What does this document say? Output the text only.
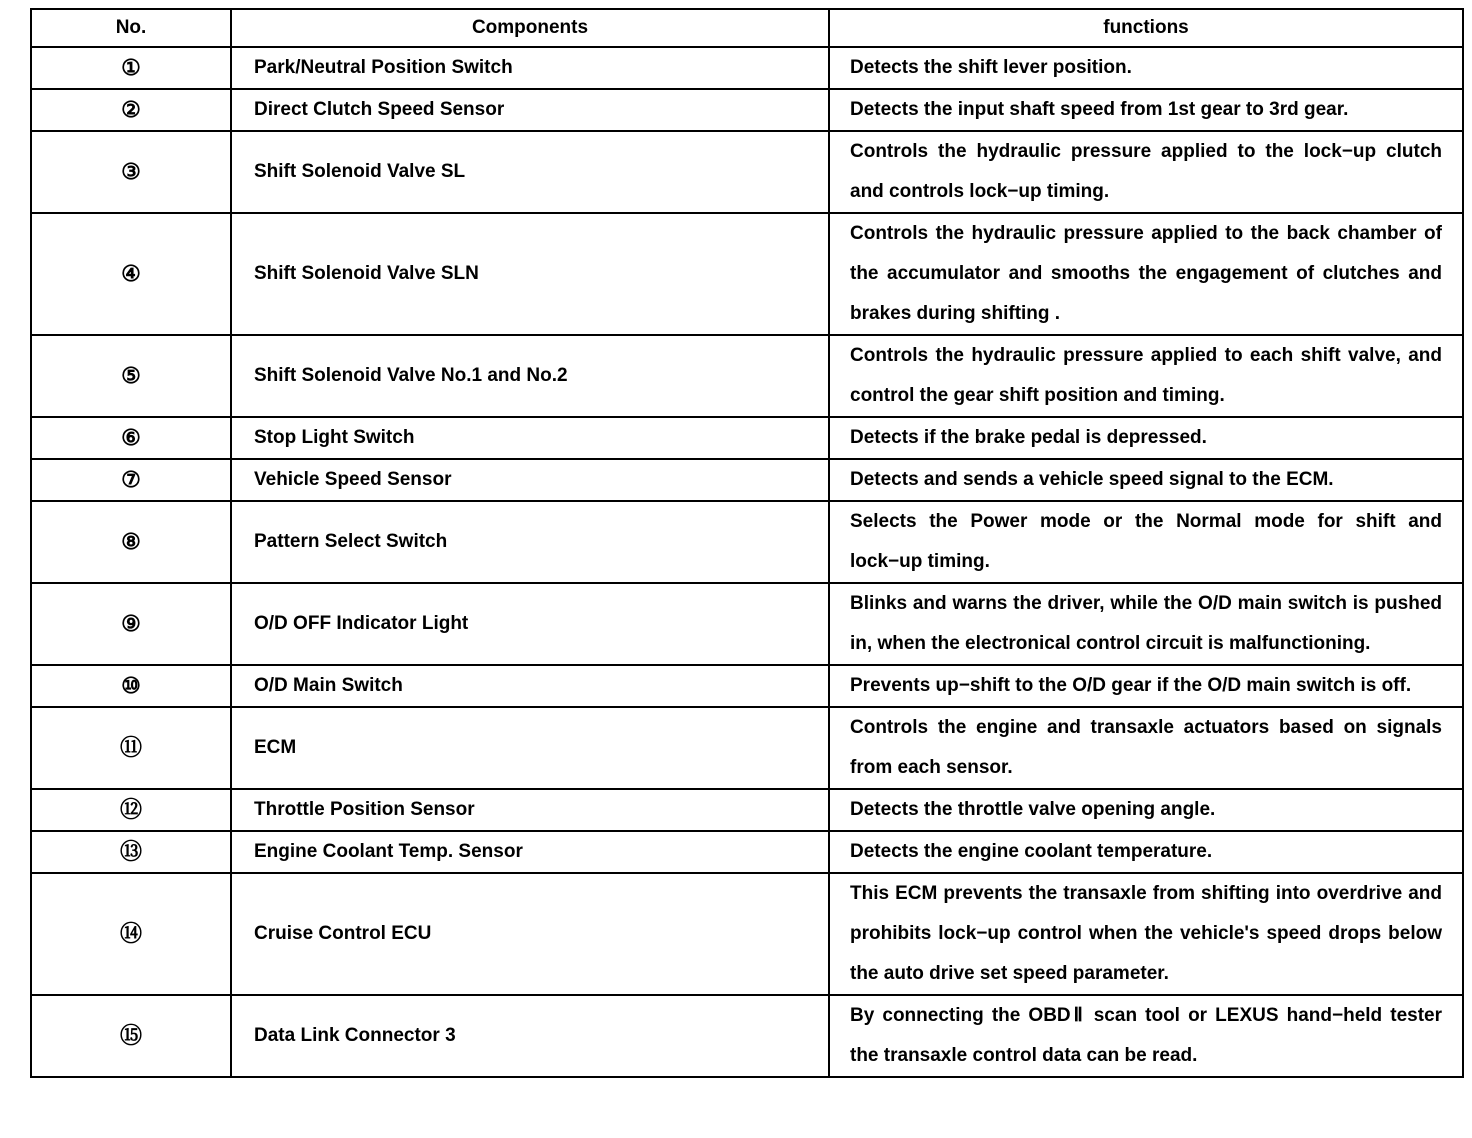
No.	Components	functions
①	Park/Neutral Position Switch	Detects the shift lever position.
②	Direct Clutch Speed Sensor	Detects the input shaft speed from 1st gear to 3rd gear.
③	Shift Solenoid Valve SL	Controls the hydraulic pressure applied to the lock−up clutch and controls lock−up timing.
④	Shift Solenoid Valve SLN	Controls the hydraulic pressure applied to the back chamber of the accumulator and smooths the engagement of clutches and brakes during shifting .
⑤	Shift Solenoid Valve No.1 and No.2	Controls the hydraulic pressure applied to each shift valve, and control the gear shift position and timing.
⑥	Stop Light Switch	Detects if the brake pedal is depressed.
⑦	Vehicle Speed Sensor	Detects and sends a vehicle speed signal to the ECM.
⑧	Pattern Select Switch	Selects the Power mode or the Normal mode for shift and lock−up timing.
⑨	O/D OFF Indicator Light	Blinks and warns the driver, while the O/D main switch is pushed in, when the electronical control circuit is malfunctioning.
⑩	O/D Main Switch	Prevents up−shift to the O/D gear if the O/D main switch is off.
⑪	ECM	Controls the engine and transaxle actuators based on signals from each sensor.
⑫	Throttle Position Sensor	Detects the throttle valve opening angle.
⑬	Engine Coolant Temp. Sensor	Detects the engine coolant temperature.
⑭	Cruise Control ECU	This ECM prevents the transaxle from shifting into overdrive and prohibits lock−up control when the vehicle's speed drops below the auto drive set speed parameter.
⑮	Data Link Connector 3	By connecting the OBDⅡ scan tool or LEXUS hand−held tester the transaxle control data can be read.
